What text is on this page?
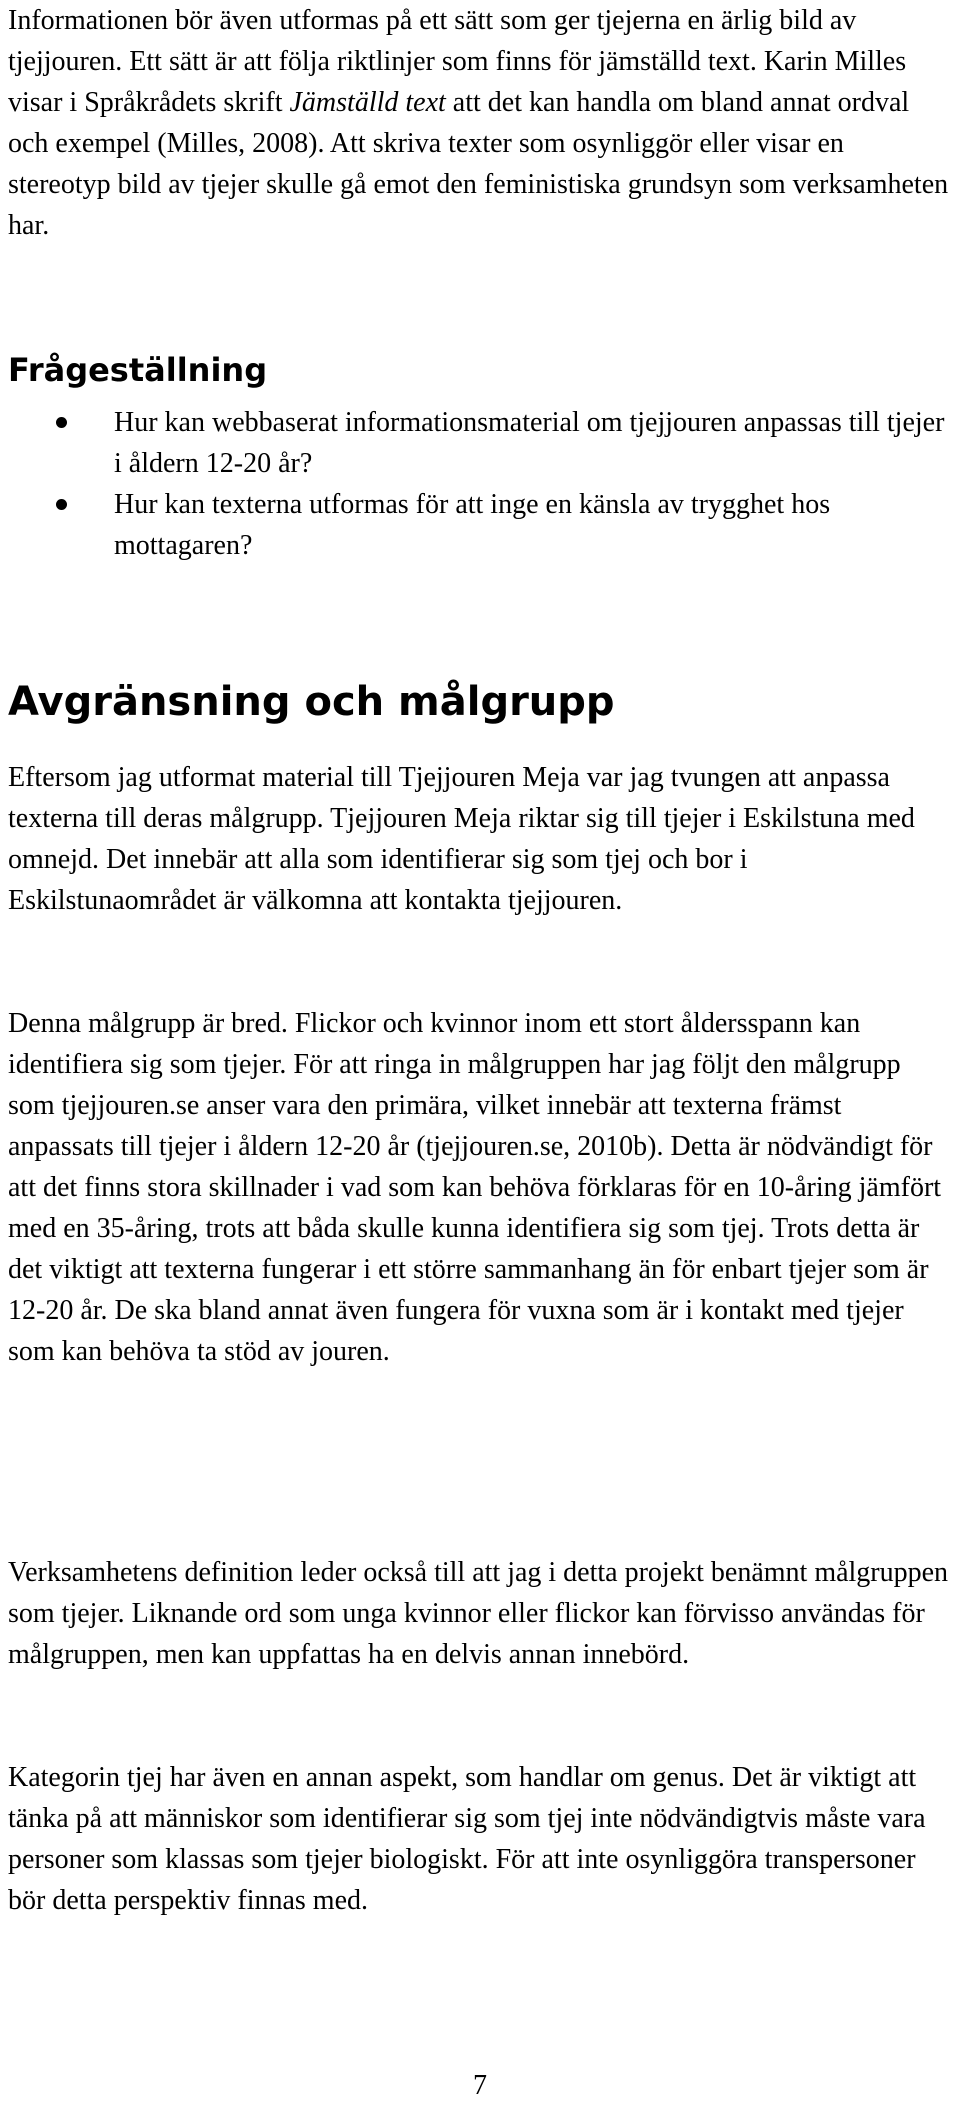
Informationen bör även utformas på ett sätt som ger tjejerna en ärlig bild av tjejjouren. Ett sätt är att följa riktlinjer som finns för jämställd text. Karin Milles visar i Språkrådets skrift Jämställd text att det kan handla om bland annat ordval och exempel (Milles, 2008). Att skriva texter som osynliggör eller visar en stereotyp bild av tjejer skulle gå emot den feministiska grundsyn som verksamheten har.

Frågeställning
Hur kan webbaserat informationsmaterial om tjejjouren anpassas till tjejer i åldern 12-20 år?
Hur kan texterna utformas för att inge en känsla av trygghet hos mottagaren?
Avgränsning och målgrupp

Eftersom jag utformat material till Tjejjouren Meja var jag tvungen att anpassa texterna till deras målgrupp. Tjejjouren Meja riktar sig till tjejer i Eskilstuna med omnejd. Det innebär att alla som identifierar sig som tjej och bor i Eskilstunaområdet är välkomna att kontakta tjejjouren.

Denna målgrupp är bred. Flickor och kvinnor inom ett stort åldersspann kan identifiera sig som tjejer. För att ringa in målgruppen har jag följt den målgrupp som tjejjouren.se anser vara den primära, vilket innebär att texterna främst anpassats till tjejer i åldern 12-20 år (tjejjouren.se, 2010b). Detta är nödvändigt för att det finns stora skillnader i vad som kan behöva förklaras för en 10-åring jämfört med en 35-åring, trots att båda skulle kunna identifiera sig som tjej. Trots detta är det viktigt att texterna fungerar i ett större sammanhang än för enbart tjejer som är 12-20 år. De ska bland annat även fungera för vuxna som är i kontakt med tjejer som kan behöva ta stöd av jouren.

Verksamhetens definition leder också till att jag i detta projekt benämnt målgruppen som tjejer. Liknande ord som unga kvinnor eller flickor kan förvisso användas för målgruppen, men kan uppfattas ha en delvis annan innebörd.

Kategorin tjej har även en annan aspekt, som handlar om genus. Det är viktigt att tänka på att människor som identifierar sig som tjej inte nödvändigtvis måste vara personer som klassas som tjejer biologiskt. För att inte osynliggöra transpersoner bör detta perspektiv finnas med.

7
